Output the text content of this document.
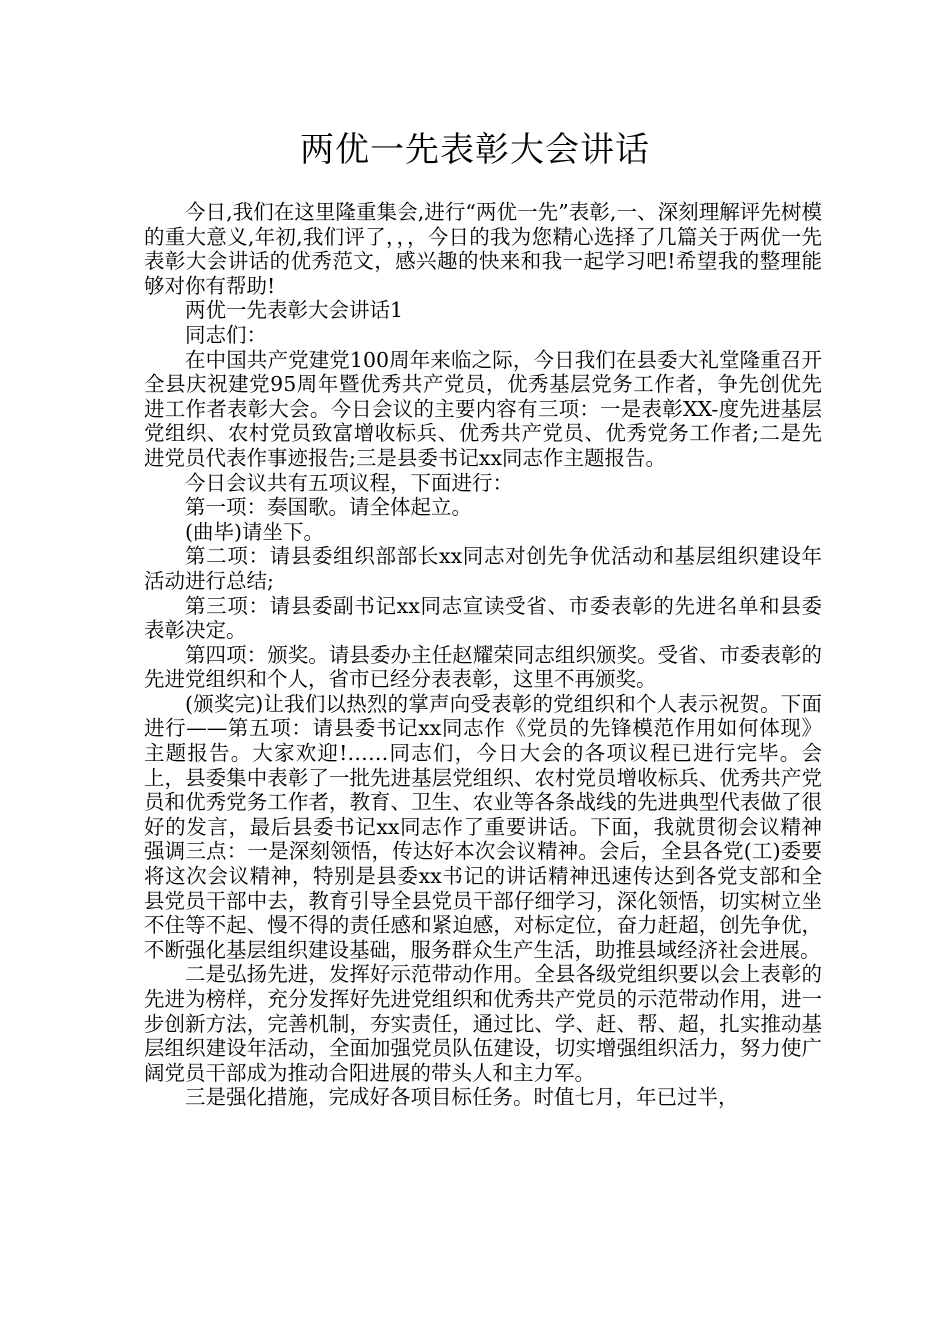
两优一先表彰大会讲话

今日,我们在这里隆重集会,进行“两优一先”表彰,一、深刻理解评先树模的重大意义,年初,我们评了，，，今日的我为您精心选择了几篇关于两优一先表彰大会讲话的优秀范文，感兴趣的快来和我一起学习吧!希望我的整理能够对你有帮助!

两优一先表彰大会讲话1

同志们：

在中国共产党建党100周年来临之际，今日我们在县委大礼堂隆重召开全县庆祝建党95周年暨优秀共产党员，优秀基层党务工作者，争先创优先进工作者表彰大会。今日会议的主要内容有三项：一是表彰XX-度先进基层党组织、农村党员致富增收标兵、优秀共产党员、优秀党务工作者;二是先进党员代表作事迹报告;三是县委书记xx同志作主题报告。

今日会议共有五项议程，下面进行：

第一项：奏国歌。请全体起立。

(曲毕)请坐下。

第二项：请县委组织部部长xx同志对创先争优活动和基层组织建设年活动进行总结;

第三项：请县委副书记xx同志宣读受省、市委表彰的先进名单和县委表彰决定。

第四项：颁奖。请县委办主任赵耀荣同志组织颁奖。受省、市委表彰的先进党组织和个人，省市已经分表表彰，这里不再颁奖。

(颁奖完)让我们以热烈的掌声向受表彰的党组织和个人表示祝贺。下面进行——第五项：请县委书记xx同志作《党员的先锋模范作用如何体现》主题报告。大家欢迎!……同志们，今日大会的各项议程已进行完毕。会上，县委集中表彰了一批先进基层党组织、农村党员增收标兵、优秀共产党员和优秀党务工作者，教育、卫生、农业等各条战线的先进典型代表做了很好的发言，最后县委书记xx同志作了重要讲话。下面，我就贯彻会议精神强调三点：一是深刻领悟，传达好本次会议精神。会后，全县各党(工)委要将这次会议精神，特别是县委xx书记的讲话精神迅速传达到各党支部和全县党员干部中去，教育引导全县党员干部仔细学习，深化领悟，切实树立坐不住等不起、慢不得的责任感和紧迫感，对标定位，奋力赶超，创先争优，不断强化基层组织建设基础，服务群众生产生活，助推县域经济社会进展。

二是弘扬先进，发挥好示范带动作用。全县各级党组织要以会上表彰的先进为榜样，充分发挥好先进党组织和优秀共产党员的示范带动作用，进一步创新方法，完善机制，夯实责任，通过比、学、赶、帮、超，扎实推动基层组织建设年活动，全面加强党员队伍建设，切实增强组织活力，努力使广阔党员干部成为推动合阳进展的带头人和主力军。

三是强化措施，完成好各项目标任务。时值七月，年已过半，
